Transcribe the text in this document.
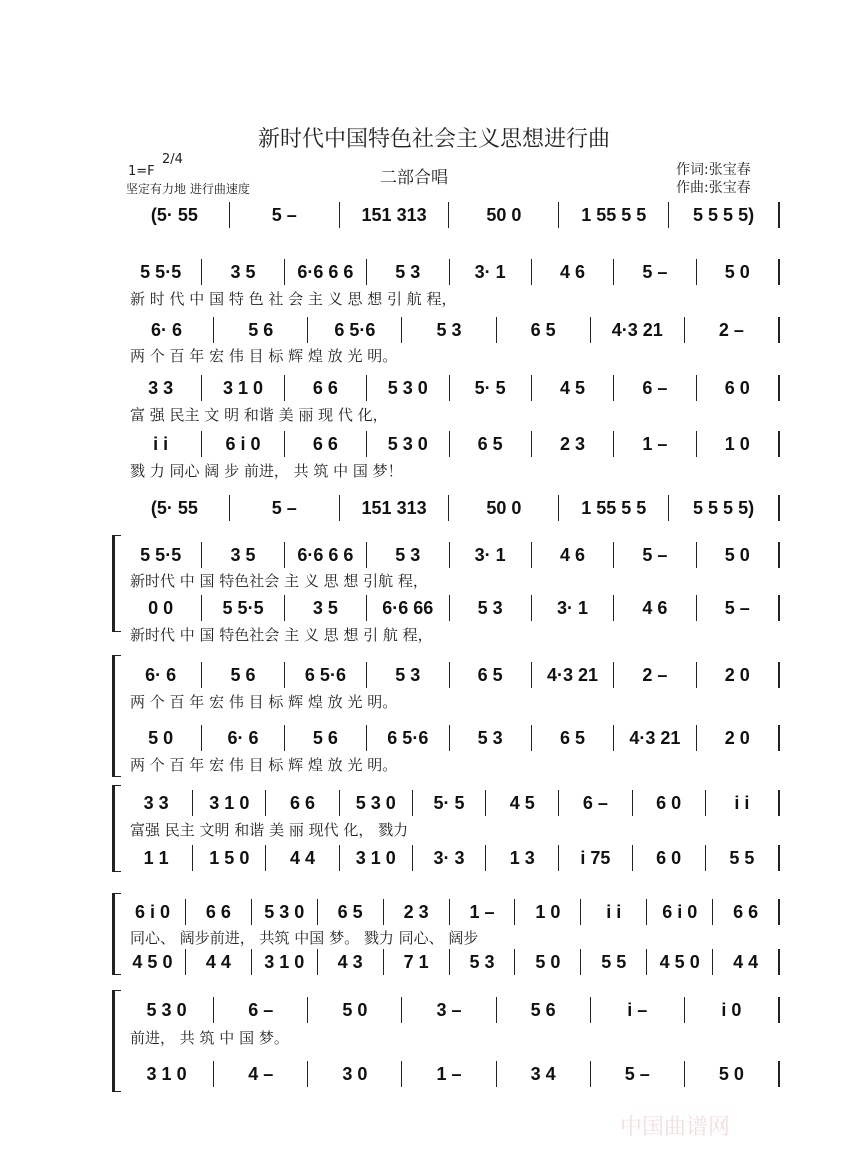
新时代中国特色社会主义思想进行曲
1=F
2/4
坚定有力地 进行曲速度
二部合唱	作词:张宝春
作曲:张宝春
中国曲谱网
(5· 55	5 –	151 313	50 0	1 55 5 5	5 5 5 5)
5 5·5	3 5	6·6 6 6	5 3	3· 1	4 6	5 –	5 0
新 时 代 中 国 特 色 社 会 主 义 思 想 引 航 程，
6· 6	5 6	6 5·6	5 3	6 5	4·3 21	2 –
两 个 百 年 宏 伟 目 标 辉 煌 放 光 明。
3 3	3 1 0	6 6	5 3 0	5· 5	4 5	6 –	6 0
富 强 民主 文 明 和谐 美 丽 现 代 化，
i i	6 i 0	6 6	5 3 0	6 5	2 3	1 –	1 0
戮 力 同心 阔 步 前进， 共 筑 中 国 梦！
(5· 55	5 –	151 313	50 0	1 55 5 5	5 5 5 5)
5 5·5	3 5	6·6 6 6	5 3	3· 1	4 6	5 –	5 0
新时代 中 国 特色社会 主 义 思 想 引航 程，
0 0	5 5·5	3 5	6·6 66	5 3	3· 1	4 6	5 –
新时代 中 国 特色社会 主 义 思 想 引 航 程，
6· 6	5 6	6 5·6	5 3	6 5	4·3 21	2 –	2 0
两 个 百 年 宏 伟 目 标 辉 煌 放 光 明。
5 0	6· 6	5 6	6 5·6	5 3	6 5	4·3 21	2 0
两 个 百 年 宏 伟 目 标 辉 煌 放 光 明。
3 3	3 1 0	6 6	5 3 0	5· 5	4 5	6 –	6 0	i i
富强 民主 文明 和谐 美 丽 现代 化， 戮力
1 1	1 5 0	4 4	3 1 0	3· 3	1 3	i 75	6 0	5 5
6 i 0	6 6	5 3 0	6 5	2 3	1 –	1 0	i i	6 i 0	6 6
同心、 阔步前进， 共筑 中国 梦。 戮力 同心、 阔步
4 5 0	4 4	3 1 0	4 3	7 1	5 3	5 0	5 5	4 5 0	4 4
5 3 0	6 –	5 0	3 –	5 6	i –	i 0
前进， 共 筑 中 国 梦。
3 1 0	4 –	3 0	1 –	3 4	5 –	5 0
